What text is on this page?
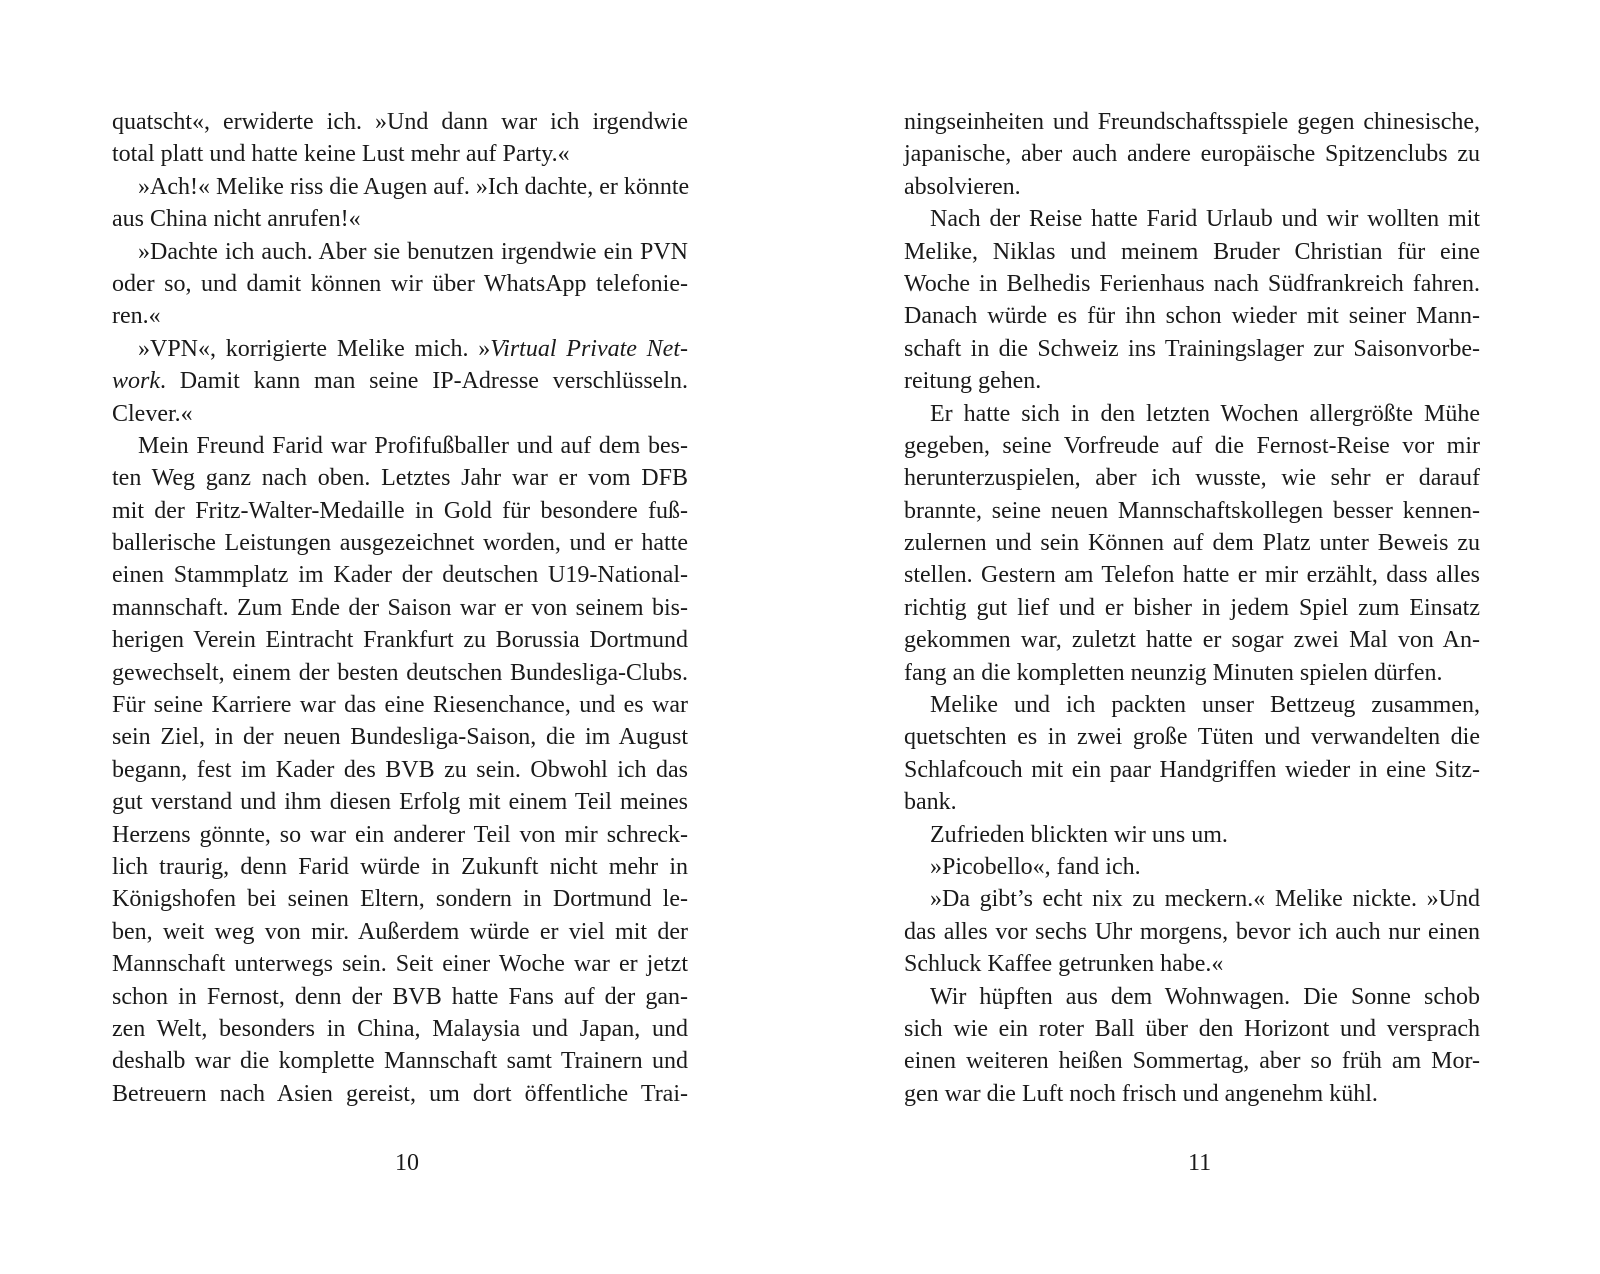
quatscht«, erwiderte ich. »Und dann war ich irgendwie
total platt und hatte keine Lust mehr auf Party.«
»Ach!« Melike riss die Augen auf. »Ich dachte, er könnte
aus China nicht anrufen!«
»Dachte ich auch. Aber sie benutzen irgendwie ein PVN
oder so, und damit können wir über WhatsApp telefonie-
ren.«
»VPN«, korrigierte Melike mich. »Virtual Private Net-
work. Damit kann man seine IP-Adresse verschlüsseln.
Clever.«
Mein Freund Farid war Profifußballer und auf dem bes-
ten Weg ganz nach oben. Letztes Jahr war er vom DFB
mit der Fritz-Walter-Medaille in Gold für besondere fuß-
ballerische Leistungen ausgezeichnet worden, und er hatte
einen Stammplatz im Kader der deutschen U19-National-
mannschaft. Zum Ende der Saison war er von seinem bis-
herigen Verein Eintracht Frankfurt zu Borussia Dortmund
gewechselt, einem der besten deutschen Bundesliga-Clubs.
Für seine Karriere war das eine Riesenchance, und es war
sein Ziel, in der neuen Bundesliga-Saison, die im August
begann, fest im Kader des BVB zu sein. Obwohl ich das
gut verstand und ihm diesen Erfolg mit einem Teil meines
Herzens gönnte, so war ein anderer Teil von mir schreck-
lich traurig, denn Farid würde in Zukunft nicht mehr in
Königshofen bei seinen Eltern, sondern in Dortmund le-
ben, weit weg von mir. Außerdem würde er viel mit der
Mannschaft unterwegs sein. Seit einer Woche war er jetzt
schon in Fernost, denn der BVB hatte Fans auf der gan-
zen Welt, besonders in China, Malaysia und Japan, und
deshalb war die komplette Mannschaft samt Trainern und
Betreuern nach Asien gereist, um dort öffentliche Trai-
ningseinheiten und Freundschaftsspiele gegen chinesische,
japanische, aber auch andere europäische Spitzenclubs zu
absolvieren.
Nach der Reise hatte Farid Urlaub und wir wollten mit
Melike, Niklas und meinem Bruder Christian für eine
Woche in Belhedis Ferienhaus nach Südfrankreich fahren.
Danach würde es für ihn schon wieder mit seiner Mann-
schaft in die Schweiz ins Trainingslager zur Saisonvorbe-
reitung gehen.
Er hatte sich in den letzten Wochen allergrößte Mühe
gegeben, seine Vorfreude auf die Fernost-Reise vor mir
herunterzuspielen, aber ich wusste, wie sehr er darauf
brannte, seine neuen Mannschaftskollegen besser kennen-
zulernen und sein Können auf dem Platz unter Beweis zu
stellen. Gestern am Telefon hatte er mir erzählt, dass alles
richtig gut lief und er bisher in jedem Spiel zum Einsatz
gekommen war, zuletzt hatte er sogar zwei Mal von An-
fang an die kompletten neunzig Minuten spielen dürfen.
Melike und ich packten unser Bettzeug zusammen,
quetschten es in zwei große Tüten und verwandelten die
Schlafcouch mit ein paar Handgriffen wieder in eine Sitz-
bank.
Zufrieden blickten wir uns um.
»Picobello«, fand ich.
»Da gibt’s echt nix zu meckern.« Melike nickte. »Und
das alles vor sechs Uhr morgens, bevor ich auch nur einen
Schluck Kaffee getrunken habe.«
Wir hüpften aus dem Wohnwagen. Die Sonne schob
sich wie ein roter Ball über den Horizont und versprach
einen weiteren heißen Sommertag, aber so früh am Mor-
gen war die Luft noch frisch und angenehm kühl.
10	11
